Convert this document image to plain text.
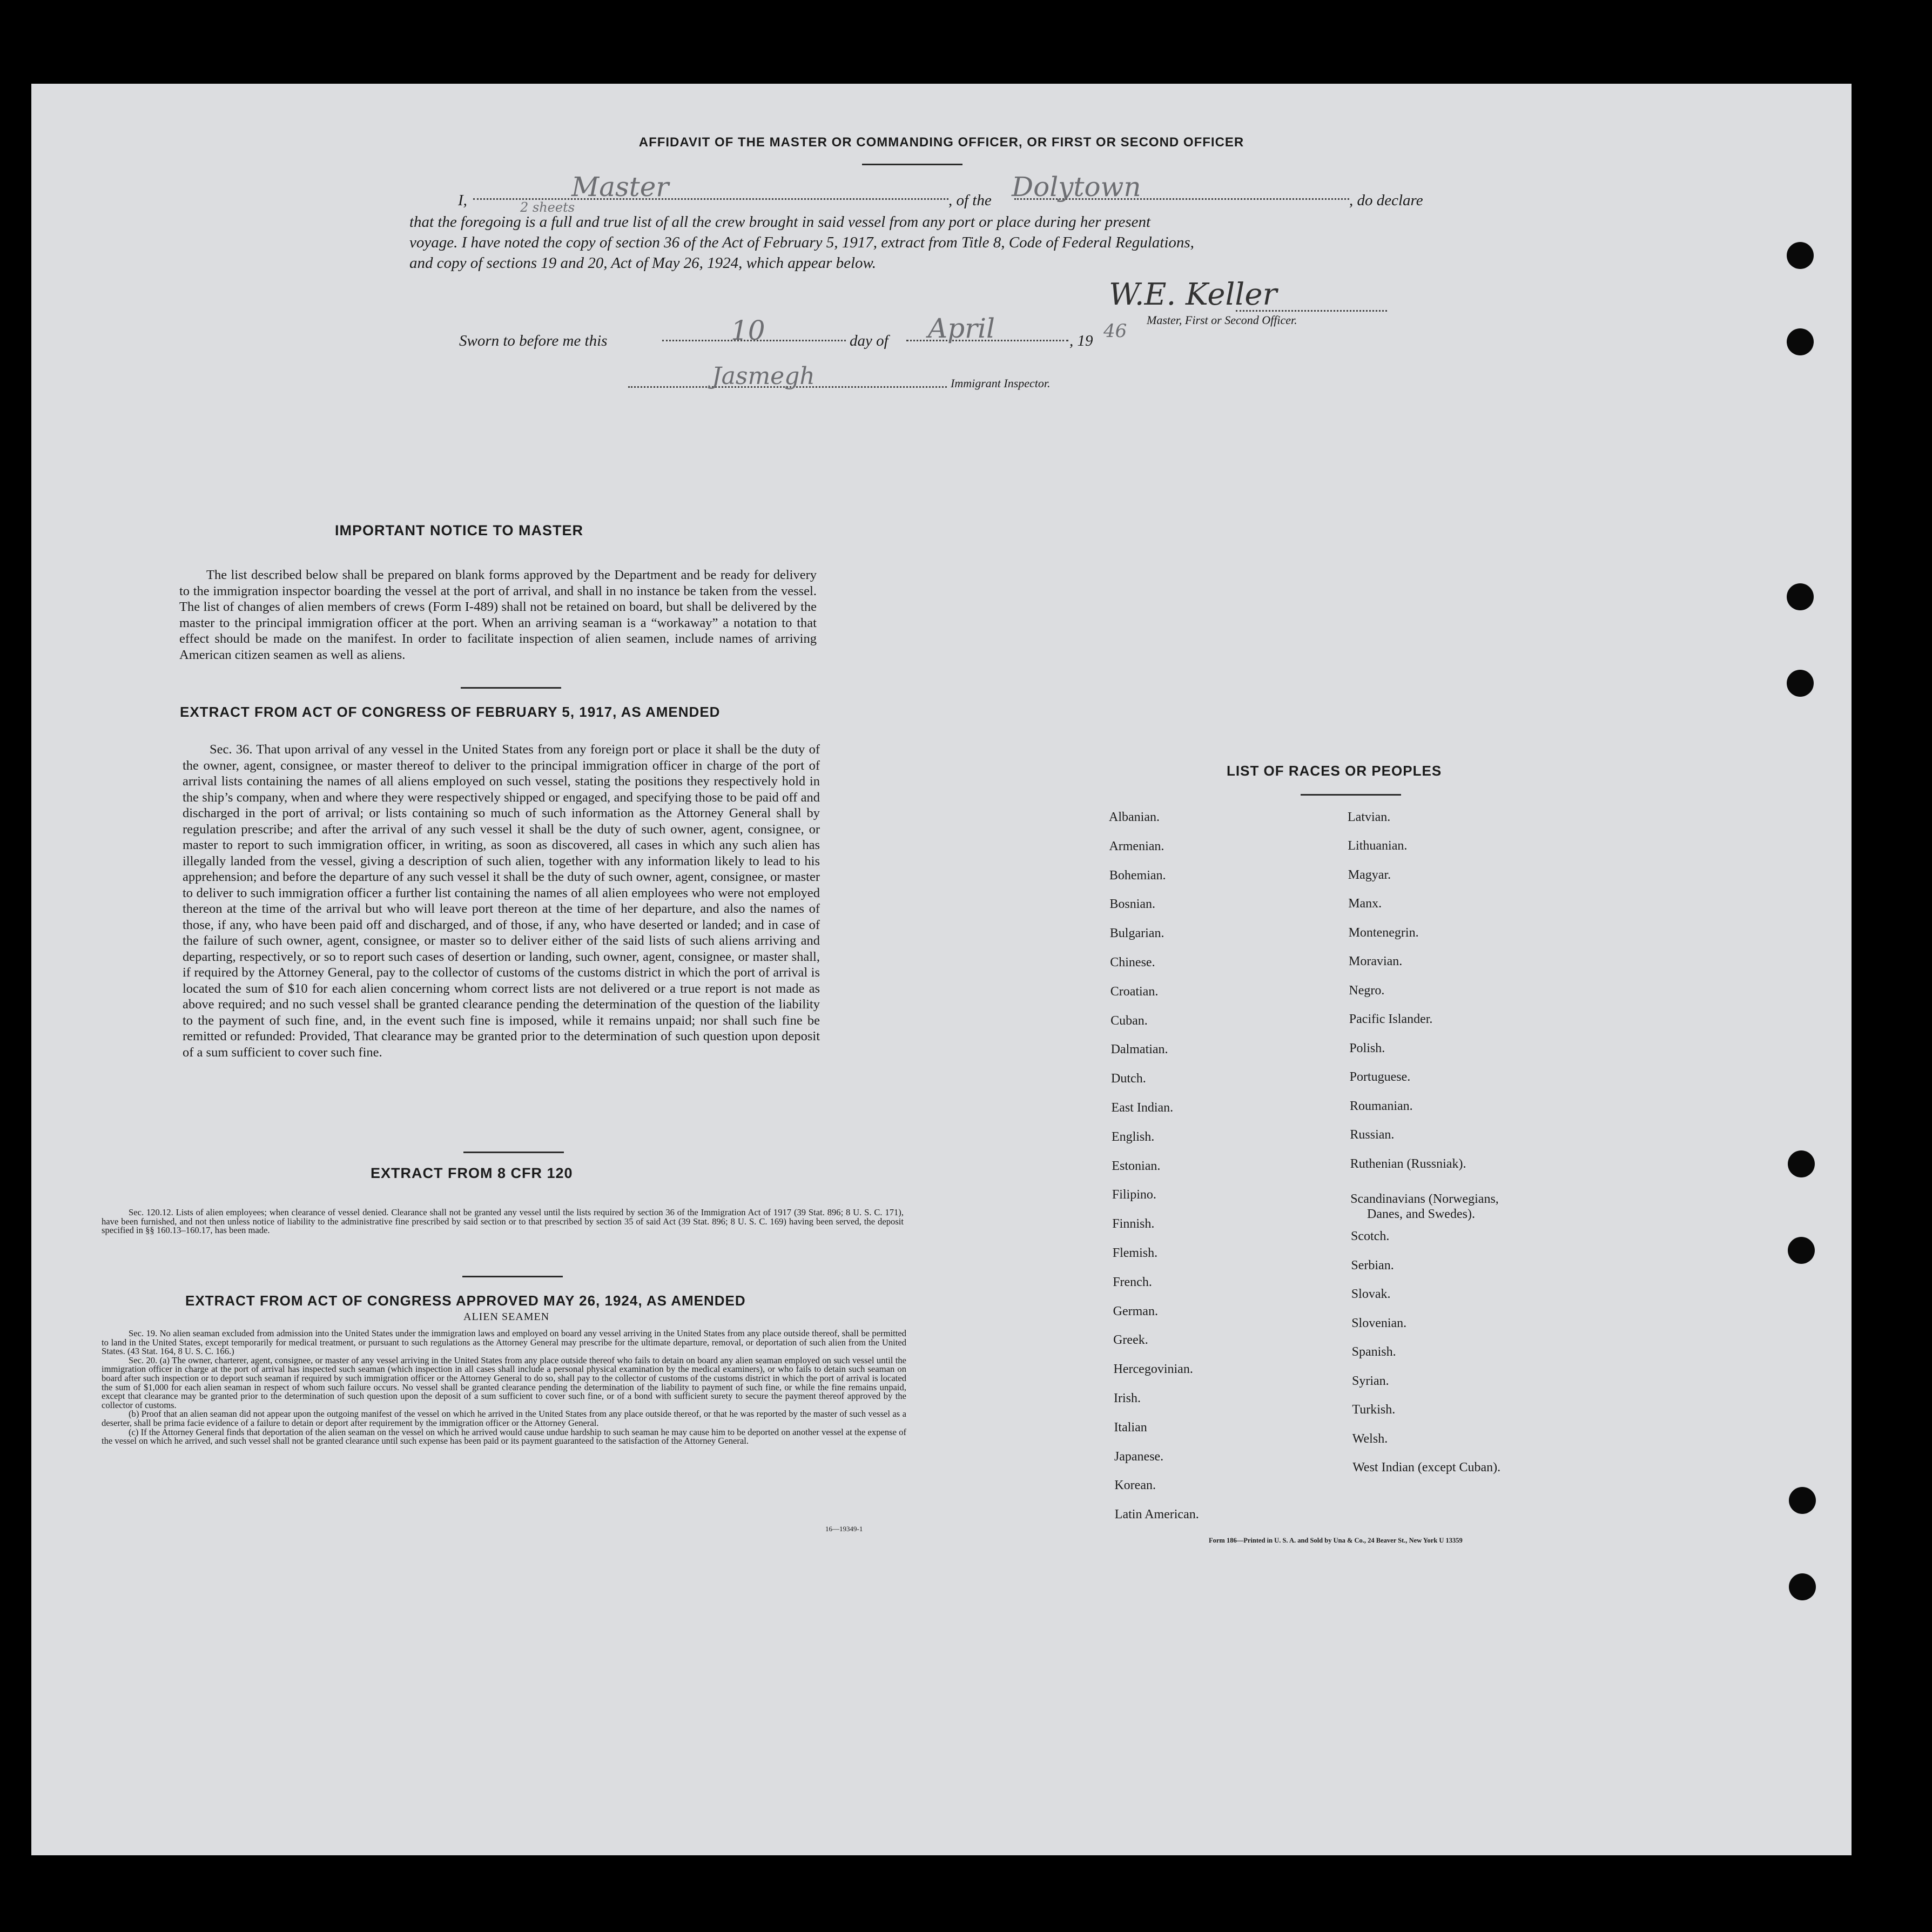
AFFIDAVIT OF THE MASTER OR COMMANDING OFFICER, OR FIRST OR SECOND OFFICER
I,	, of the	, do declare
that the foregoing is a full and true list of all the crew brought in said vessel from any port or place during her present
voyage. I have noted the copy of section 36 of the Act of February 5, 1917, extract from Title 8, Code of Federal Regulations,
and copy of sections 19 and 20, Act of May 26, 1924, which appear below.
Master
2 sheets
Dolytown
W.E. Keller
Master, First or Second Officer.
Sworn to before me this	day of	, 19
10	April	46
Immigrant Inspector.
Jasmegh
IMPORTANT NOTICE TO MASTER

The list described below shall be prepared on blank forms approved by the Department and be ready for delivery to the immigration inspector boarding the vessel at the port of arrival, and shall in no instance be taken from the vessel. The list of changes of alien members of crews (Form I-489) shall not be retained on board, but shall be delivered by the master to the principal immigration officer at the port. When an arriving seaman is a “workaway” a notation to that effect should be made on the manifest. In order to facilitate inspection of alien seamen, include names of arriving American citizen seamen as well as aliens.

EXTRACT FROM ACT OF CONGRESS OF FEBRUARY 5, 1917, AS AMENDED

Sec. 36. That upon arrival of any vessel in the United States from any foreign port or place it shall be the duty of the owner, agent, consignee, or master thereof to deliver to the principal immigration officer in charge of the port of arrival lists containing the names of all aliens employed on such vessel, stating the positions they respectively hold in the ship’s company, when and where they were respectively shipped or engaged, and specifying those to be paid off and discharged in the port of arrival; or lists containing so much of such information as the Attorney General shall by regulation prescribe; and after the arrival of any such vessel it shall be the duty of such owner, agent, consignee, or master to report to such immigration officer, in writing, as soon as discovered, all cases in which any such alien has illegally landed from the vessel, giving a description of such alien, together with any information likely to lead to his apprehension; and before the departure of any such vessel it shall be the duty of such owner, agent, consignee, or master to deliver to such immigration officer a further list containing the names of all alien employees who were not employed thereon at the time of the arrival but who will leave port thereon at the time of her departure, and also the names of those, if any, who have been paid off and discharged, and of those, if any, who have deserted or landed; and in case of the failure of such owner, agent, consignee, or master so to deliver either of the said lists of such aliens arriving and departing, respectively, or so to report such cases of desertion or landing, such owner, agent, consignee, or master shall, if required by the Attorney General, pay to the collector of customs of the customs district in which the port of arrival is located the sum of $10 for each alien concerning whom correct lists are not delivered or a true report is not made as above required; and no such vessel shall be granted clearance pending the determination of the question of the liability to the payment of such fine, and, in the event such fine is imposed, while it remains unpaid; nor shall such fine be remitted or refunded: Provided, That clearance may be granted prior to the determination of such question upon deposit of a sum sufficient to cover such fine.

EXTRACT FROM 8 CFR 120

Sec. 120.12. Lists of alien employees; when clearance of vessel denied. Clearance shall not be granted any vessel until the lists required by section 36 of the Immigration Act of 1917 (39 Stat. 896; 8 U. S. C. 171), have been furnished, and not then unless notice of liability to the administrative fine prescribed by said section or to that prescribed by section 35 of said Act (39 Stat. 896; 8 U. S. C. 169) having been served, the deposit specified in §§ 160.13–160.17, has been made.

EXTRACT FROM ACT OF CONGRESS APPROVED MAY 26, 1924, AS AMENDED
ALIEN SEAMEN

Sec. 19. No alien seaman excluded from admission into the United States under the immigration laws and employed on board any vessel arriving in the United States from any place outside thereof, shall be permitted to land in the United States, except temporarily for medical treatment, or pursuant to such regulations as the Attorney General may prescribe for the ultimate departure, removal, or deportation of such alien from the United States. (43 Stat. 164, 8 U. S. C. 166.)

Sec. 20. (a) The owner, charterer, agent, consignee, or master of any vessel arriving in the United States from any place outside thereof who fails to detain on board any alien seaman employed on such vessel until the immigration officer in charge at the port of arrival has inspected such seaman (which inspection in all cases shall include a personal physical examination by the medical examiners), or who fails to detain such seaman on board after such inspection or to deport such seaman if required by such immigration officer or the Attorney General to do so, shall pay to the collector of customs of the customs district in which the port of arrival is located the sum of $1,000 for each alien seaman in respect of whom such failure occurs. No vessel shall be granted clearance pending the determination of the liability to payment of such fine, or while the fine remains unpaid, except that clearance may be granted prior to the determination of such question upon the deposit of a sum sufficient to cover such fine, or of a bond with sufficient surety to secure the payment thereof approved by the collector of customs.

(b) Proof that an alien seaman did not appear upon the outgoing manifest of the vessel on which he arrived in the United States from any place outside thereof, or that he was reported by the master of such vessel as a deserter, shall be prima facie evidence of a failure to detain or deport after requirement by the immigration officer or the Attorney General.

(c) If the Attorney General finds that deportation of the alien seaman on the vessel on which he arrived would cause undue hardship to such seaman he may cause him to be deported on another vessel at the expense of the vessel on which he arrived, and such vessel shall not be granted clearance until such expense has been paid or its payment guaranteed to the satisfaction of the Attorney General.

16—19349-1
LIST OF RACES OR PEOPLES
Form 186—Printed in U. S. A. and Sold by Una & Co., 24 Beaver St., New York U 13359
Albanian.
Armenian.
Bohemian.
Bosnian.
Bulgarian.
Chinese.
Croatian.
Cuban.
Dalmatian.
Dutch.
East Indian.
English.
Estonian.
Filipino.
Finnish.
Flemish.
French.
German.
Greek.
Hercegovinian.
Irish.
Italian
Japanese.
Korean.
Latin American.
Latvian.
Lithuanian.
Magyar.
Manx.
Montenegrin.
Moravian.
Negro.
Pacific Islander.
Polish.
Portuguese.
Roumanian.
Russian.
Ruthenian (Russniak).
Scandinavians (Norwegians,
Danes, and Swedes).
Scotch.
Serbian.
Slovak.
Slovenian.
Spanish.
Syrian.
Turkish.
Welsh.
West Indian (except Cuban).
